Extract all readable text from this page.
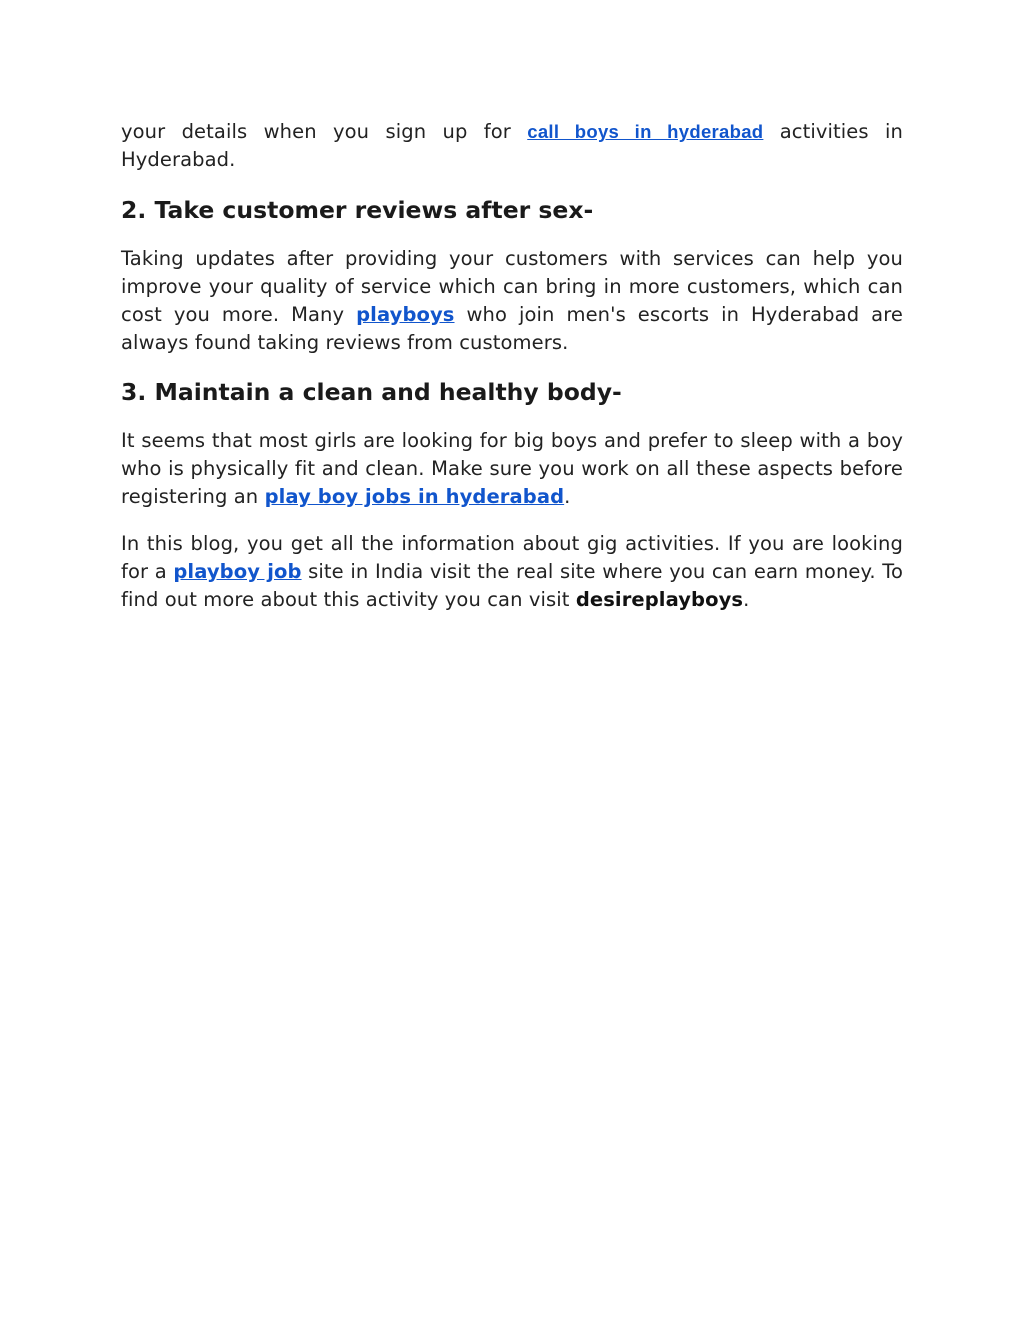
your details when you sign up for call boys in hyderabad activities in Hyderabad.

2. Take customer reviews after sex-

Taking updates after providing your customers with services can help you improve your quality of service which can bring in more customers, which can cost you more. Many playboys who join men's escorts in Hyderabad are always found taking reviews from customers.

3. Maintain a clean and healthy body-

It seems that most girls are looking for big boys and prefer to sleep with a boy who is physically fit and clean. Make sure you work on all these aspects before registering an play boy jobs in hyderabad.

In this blog, you get all the information about gig activities. If you are looking for a playboy job site in India visit the real site where you can earn money. To find out more about this activity you can visit desireplayboys.
